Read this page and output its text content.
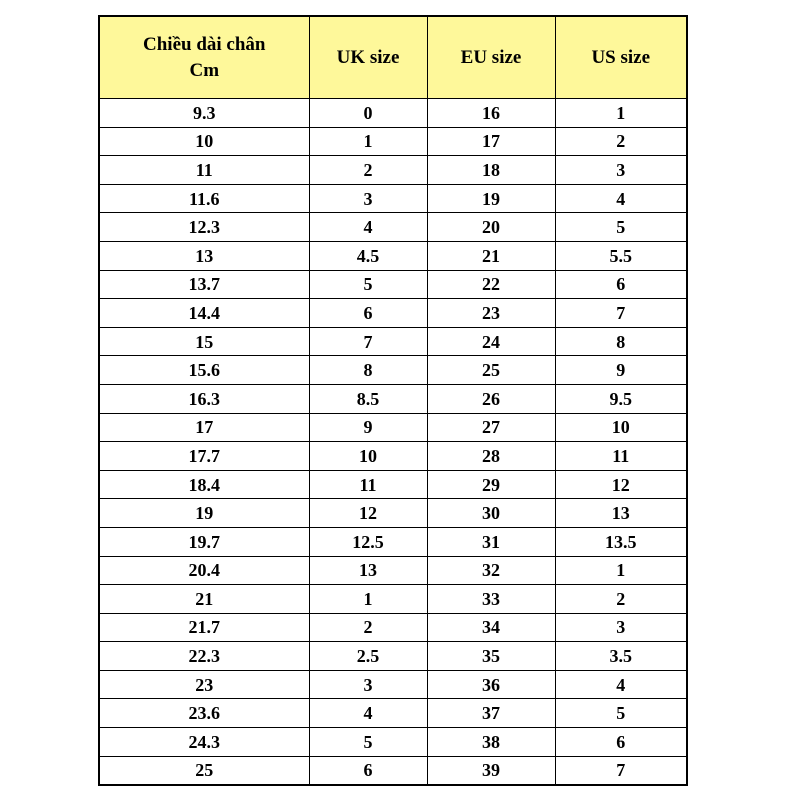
Chiều dài chân
Cm	UK size	EU size	US size
9.3	0	16	1
10	1	17	2
11	2	18	3
11.6	3	19	4
12.3	4	20	5
13	4.5	21	5.5
13.7	5	22	6
14.4	6	23	7
15	7	24	8
15.6	8	25	9
16.3	8.5	26	9.5
17	9	27	10
17.7	10	28	11
18.4	11	29	12
19	12	30	13
19.7	12.5	31	13.5
20.4	13	32	1
21	1	33	2
21.7	2	34	3
22.3	2.5	35	3.5
23	3	36	4
23.6	4	37	5
24.3	5	38	6
25	6	39	7
